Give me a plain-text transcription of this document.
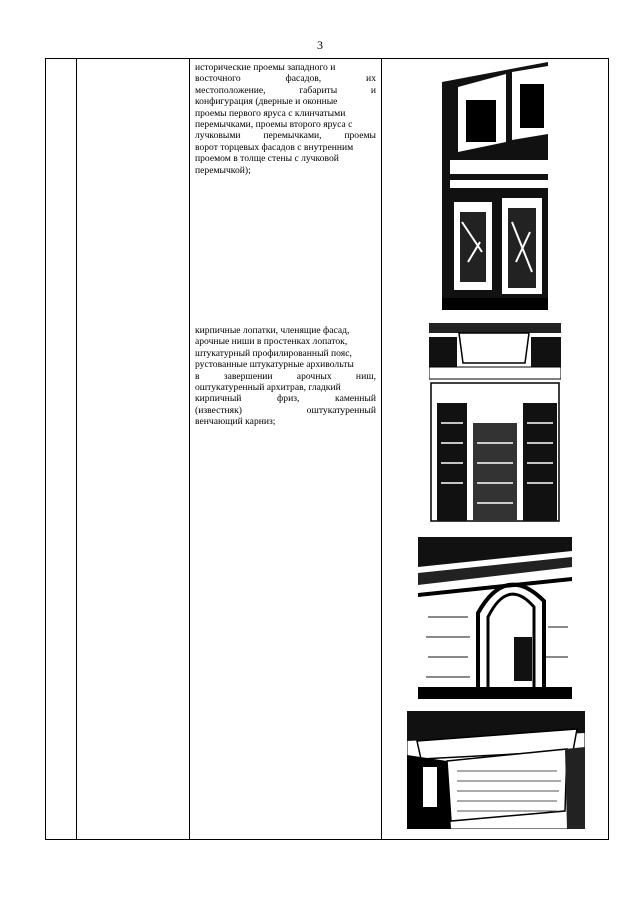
3
исторические проемы западного и
восточного фасадов, их
местоположение, габариты и
конфигурация (дверные и оконные
проемы первого яруса с клинчатыми
перемычками, проемы второго яруса с
лучковыми перемычками, проемы
ворот торцевых фасадов с внутренним
проемом в толще стены с лучковой
перемычкой);
кирпичные лопатки, членящие фасад,
арочные ниши в простенках лопаток,
штукатурный профилированный пояс,
рустованные штукатурные архивольты
в завершении арочных ниш,
оштукатуренный архитрав, гладкий
кирпичный фриз, каменный
(известняк) оштукатуренный
венчающий карниз;
